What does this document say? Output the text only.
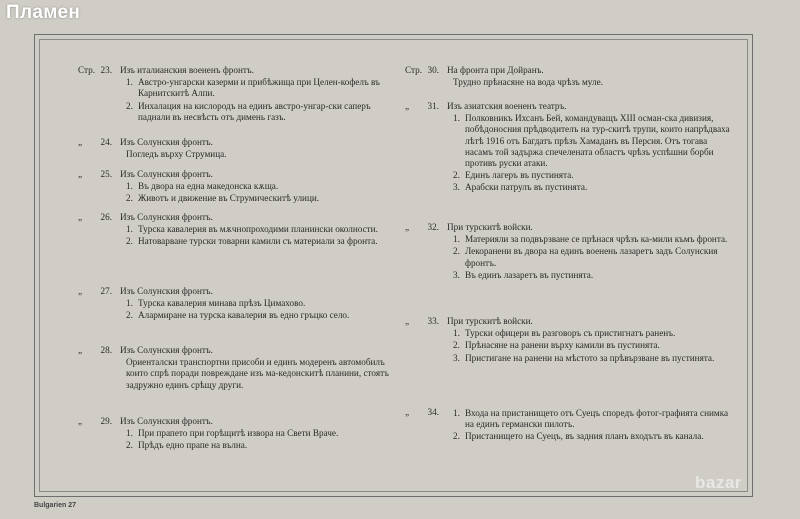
Пламен
Стр. 23. Изъ италианския воененъ фронтъ.
1. Австро-унгарски казерми и прибѣжища при Целен-кофелъ въ Карнитскитѣ Алпи.
2. Инхалация на кислородъ на единъ австро-унгар-ски саперъ паднали въ несвѣсть отъ димень газъ.
„ 24. Изъ Солунския фронтъ.
Погледъ върху Струмица.
„ 25. Изъ Солунския фронтъ.
1. Въ двора на една македонска кѫща.
2. Животъ и движение въ Струмическитѣ улици.
„ 26. Изъ Солунския фронтъ.
1. Турска кавалерия въ мѫчнопроходими планински околности.
2. Натоварване турски товарни камили съ материали за фронта.
„ 27. Изъ Солунския фронтъ.
1. Турска кавалерия минава прѣзъ Цимахово.
2. Алармиране на турска кавалерия въ едно гръцко село.
„ 28. Изъ Солунския фронтъ.
Ориенталски транспортни присоби и единъ модеренъ автомобилъ които спрѣ поради повреждане изъ ма-кедонскитѣ планини, стоятъ задружно единъ срѣщу други.
„ 29. Изъ Солунския фронтъ.
1. При прапето при горѣщитѣ извора на Свети Враче.
2. Прѣдъ едно прапе на вълна.
Стр. 30. На фронта при Дойранъ.
Трудно прѣнасяне на вода чрѣзъ муле.
„ 31. Изъ азиатския воененъ театръ.
1. Полковникъ Ихсанъ Бей, командуващъ XIII осман-ска дивизия, побѣдоносния прѣдводителъ на тур-скитѣ трупи, които напрѣдваха лѣтѣ 1916 отъ Багдатъ прѣзъ Хамаданъ въ Персия. Отъ тогава насамъ той задържа спечелената областъ чрѣзъ успѣшни борби противъ руски атаки.
2. Единъ лагеръ въ пустинята.
3. Арабски патрулъ въ пустинята.
„ 32. При турскитѣ войски.
1. Материяли за подвързване се прѣнася чрѣзъ ка-мили къмъ фронта.
2. Лекоранени въ двора на единъ военень лазаретъ задъ Солунския фронтъ.
3. Въ единъ лазаретъ въ пустинята.
„ 33. При турскитѣ войски.
1. Турски офицери въ разговоръ съ пристигнатъ раненъ.
2. Прѣнасяне на ранени върху камили въ пустинята.
3. Пристигане на ранени на мѣстото за прѣвързване въ пустинята.
„ 34.	1. Входа на пристанището отъ Суецъ споредъ фотог-графията снимка на единъ германски пилотъ.
2. Пристанището на Суецъ, въ задния планъ входътъ въ канала.
Bulgarien 27
bazar
